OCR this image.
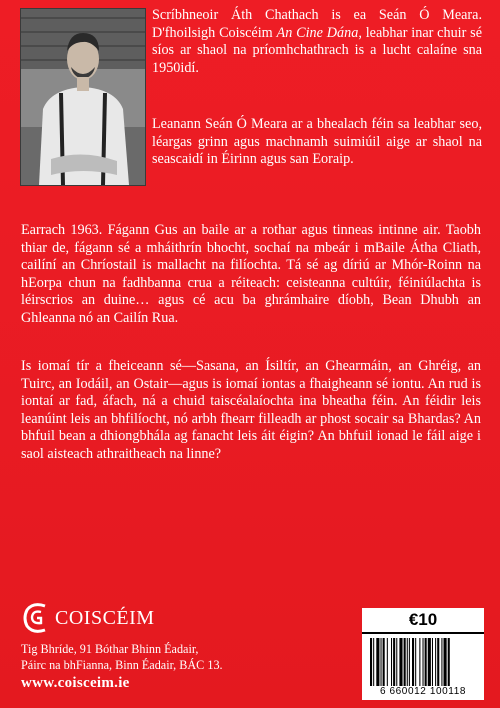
Scríbhneoir Áth Chathach is ea Seán Ó Meara. D'fhoilsigh Coiscéim An Cine Dána, leabhar inar chuir sé síos ar shaol na príomhchathrach is a lucht calaíne sna 1950idí.

Leanann Seán Ó Meara ar a bhealach féin sa leabhar seo, léargas grinn agus machnamh suimiúil aige ar shaol na seascaidí in Éirinn agus san Eoraip.

Earrach 1963. Fágann Gus an baile ar a rothar agus tinneas intinne air. Taobh thiar de, fágann sé a mháithrín bhocht, sochaí na mbeár i mBaile Átha Cliath, cailíní an Chríostail is mallacht na filíochta. Tá sé ag díriú ar Mhór-Roinn na hEorpa chun na fadhbanna crua a réiteach: ceisteanna cultúir, féiniúlachta is léirscrios an duine… agus cé acu ba ghrámhaire díobh, Bean Dhubh an Ghleanna nó an Cailín Rua.

Is iomaí tír a fheiceann sé—Sasana, an Ísiltír, an Ghearmáin, an Ghréig, an Tuirc, an Iodáil, an Ostair—agus is iomaí iontas a fhaigheann sé iontu. An rud is iontaí ar fad, áfach, ná a chuid taiscéalaíochta ina bheatha féin. An féidir leis leanúint leis an bhfilíocht, nó arbh fhearr filleadh ar phost socair sa Bhardas? An bhfuil bean a dhiongbhála ag fanacht leis áit éigin? An bhfuil ionad le fáil aige i saol aisteach athraitheach na linne?

COISCÉIM
Tig Bhríde, 91 Bóthar Bhinn Éadair,
Páirc na bhFianna, Binn Éadair, BÁC 13.
www.coisceim.ie
€10
6 660012 100118
